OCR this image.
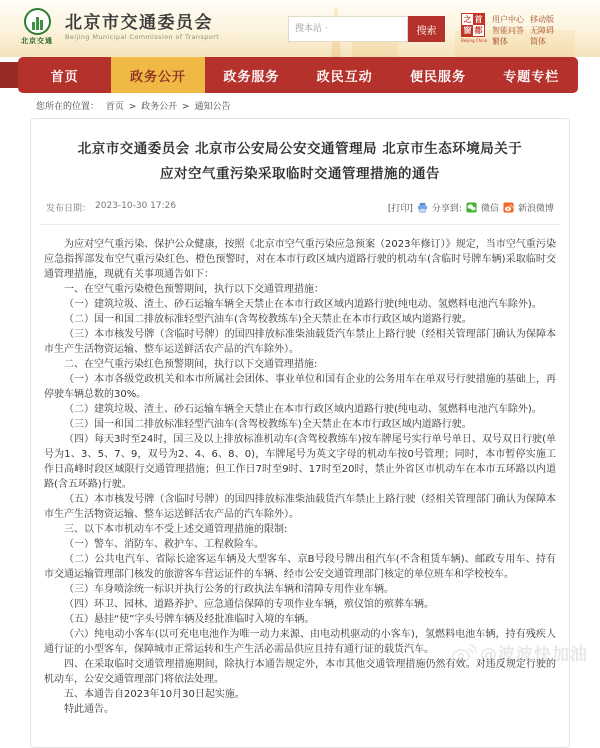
北京交通
北京市交通委员会
Beijing Municipal Commission of Transport
搜本站 ·	搜索
之 首
窗 都
Beijing China
用户中心
智能问答
繁体
移动版
无障碍
简体
首页	政务公开	政务服务	政民互动	便民服务	专题专栏
您所在的位置： 首页 > 政务公开 > 通知公告
北京市交通委员会 北京市公安局公安交通管理局 北京市生态环境局关于应对空气重污染采取临时交通管理措施的通告
发布日期： 2023-10-30 17:26	[打印] 分享到: 微信 新浪微博

为应对空气重污染、保护公众健康，按照《北京市空气重污染应急预案（2023年修订）》规定，当市空气重污染应急指挥部发布空气重污染红色、橙色预警时，对在本市行政区域内道路行驶的机动车(含临时号牌车辆)采取临时交通管理措施，现就有关事项通告如下：

一、在空气重污染橙色预警期间，执行以下交通管理措施：

（一）建筑垃圾、渣土、砂石运输车辆全天禁止在本市行政区域内道路行驶(纯电动、氢燃料电池汽车除外)。

（二）国一和国二排放标准轻型汽油车(含驾校教练车)全天禁止在本市行政区域内道路行驶。

（三）本市核发号牌（含临时号牌）的国四排放标准柴油载货汽车禁止上路行驶（经相关管理部门确认为保障本市生产生活物资运输、整车运送鲜活农产品的汽车除外）。

二、在空气重污染红色预警期间，执行以下交通管理措施:

（一）本市各级党政机关和本市所属社会团体、事业单位和国有企业的公务用车在单双号行驶措施的基础上，再停驶车辆总数的30%。

（二）建筑垃圾、渣土、砂石运输车辆全天禁止在本市行政区域内道路行驶(纯电动、氢燃料电池汽车除外)。

（三）国一和国二排放标准轻型汽油车(含驾校教练车)全天禁止在本市行政区域内道路行驶。

（四）每天3时至24时，国三及以上排放标准机动车(含驾校教练车)按车牌尾号实行单号单日、双号双日行驶(单号为1、3、5、7、9，双号为2、4、6、8、0)，车牌尾号为英文字母的机动车按0号管理；同时，本市暂停实施工作日高峰时段区域限行交通管理措施；但工作日7时至9时、17时至20时，禁止外省区市机动车在本市五环路以内道路(含五环路)行驶。

（五）本市核发号牌（含临时号牌）的国四排放标准柴油载货汽车禁止上路行驶（经相关管理部门确认为保障本市生产生活物资运输、整车运送鲜活农产品的汽车除外）。

三、以下本市机动车不受上述交通管理措施的限制:

（一）警车、消防车、救护车、工程救险车。

（二）公共电汽车、省际长途客运车辆及大型客车、京B号段号牌出租汽车(不含租赁车辆)、邮政专用车、持有市交通运输管理部门核发的旅游客车营运证件的车辆、经市公安交通管理部门核定的单位班车和学校校车。

（三）车身喷涂统一标识并执行公务的行政执法车辆和清障专用作业车辆。

（四）环卫、园林、道路养护、应急通信保障的专项作业车辆，殡仪馆的殡葬车辆。

（五）悬挂“使”字头号牌车辆及经批准临时入境的车辆。

（六）纯电动小客车(以可充电电池作为唯一动力来源、由电动机驱动的小客车)，氢燃料电池车辆，持有残疾人通行证的小型客车，保障城市正常运转和生产生活必需品供应且持有通行证的载货汽车。

四、在采取临时交通管理措施期间，除执行本通告规定外，本市其他交通管理措施仍然有效。对违反规定行驶的机动车，公安交通管理部门将依法处理。

五、本通告自2023年10月30日起实施。

特此通告。
